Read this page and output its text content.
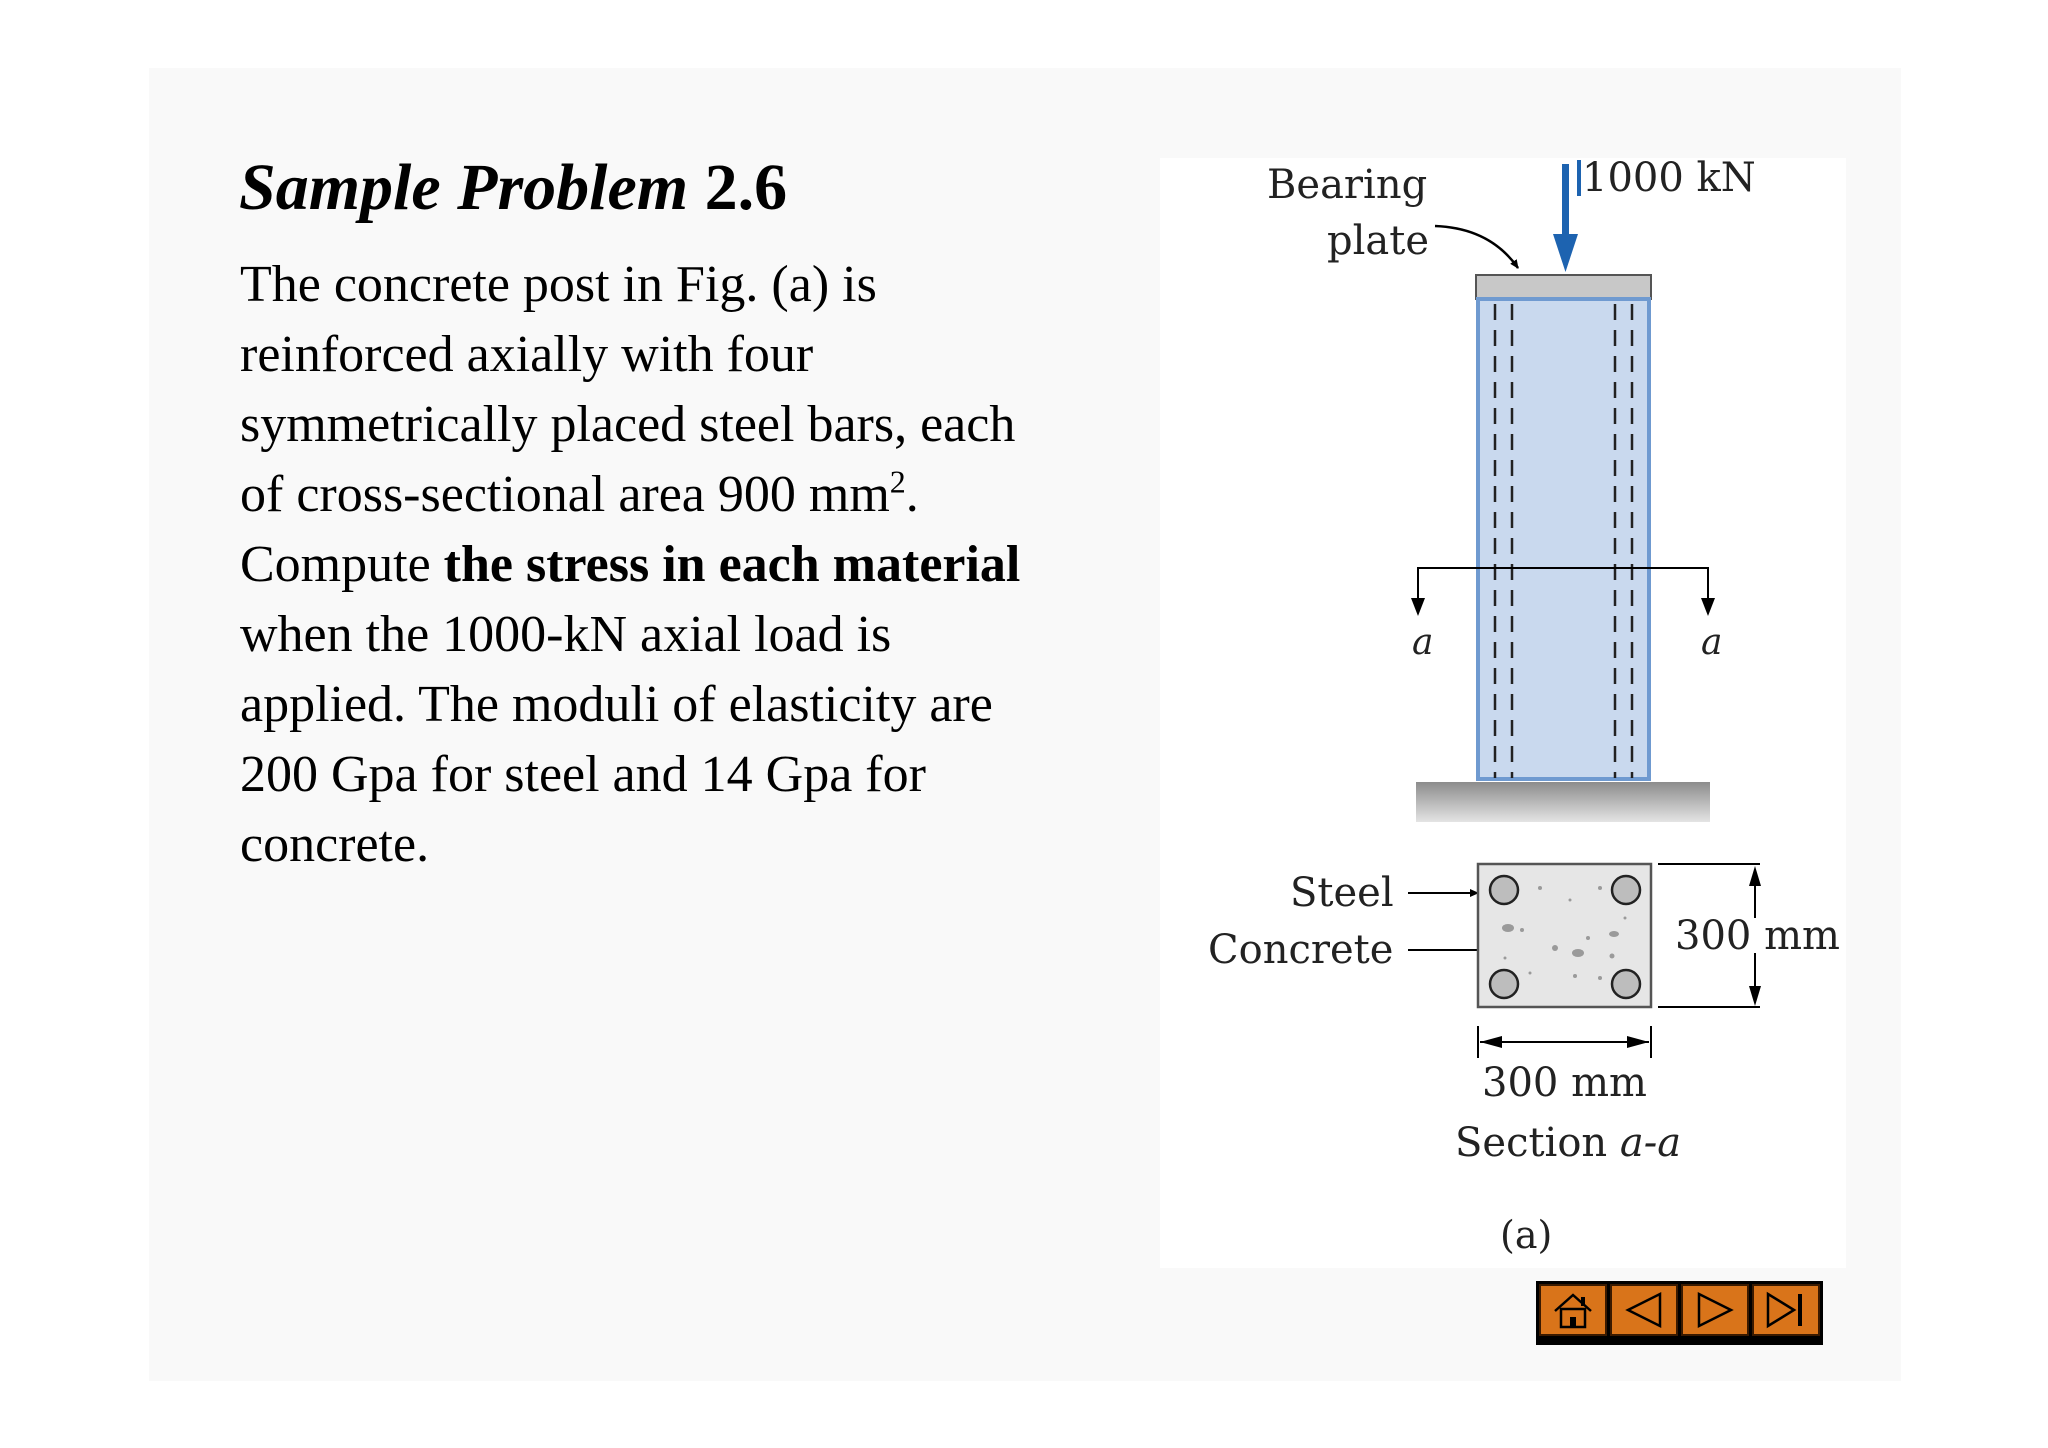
Sample Problem 2.6
The concrete post in Fig. (a) is
reinforced axially with four
symmetrically placed steel bars, each
of cross-sectional area 900 $mm^2$.
Compute the stress in each material
when the 1000-kN axial load is
applied. The moduli of elasticity are
200 Gpa for steel and 14 Gpa for
concrete.
Bearing
plate
1000 kN
a	a
Steel
Concrete	300 mm
300 mm
Section a-a
(a)
